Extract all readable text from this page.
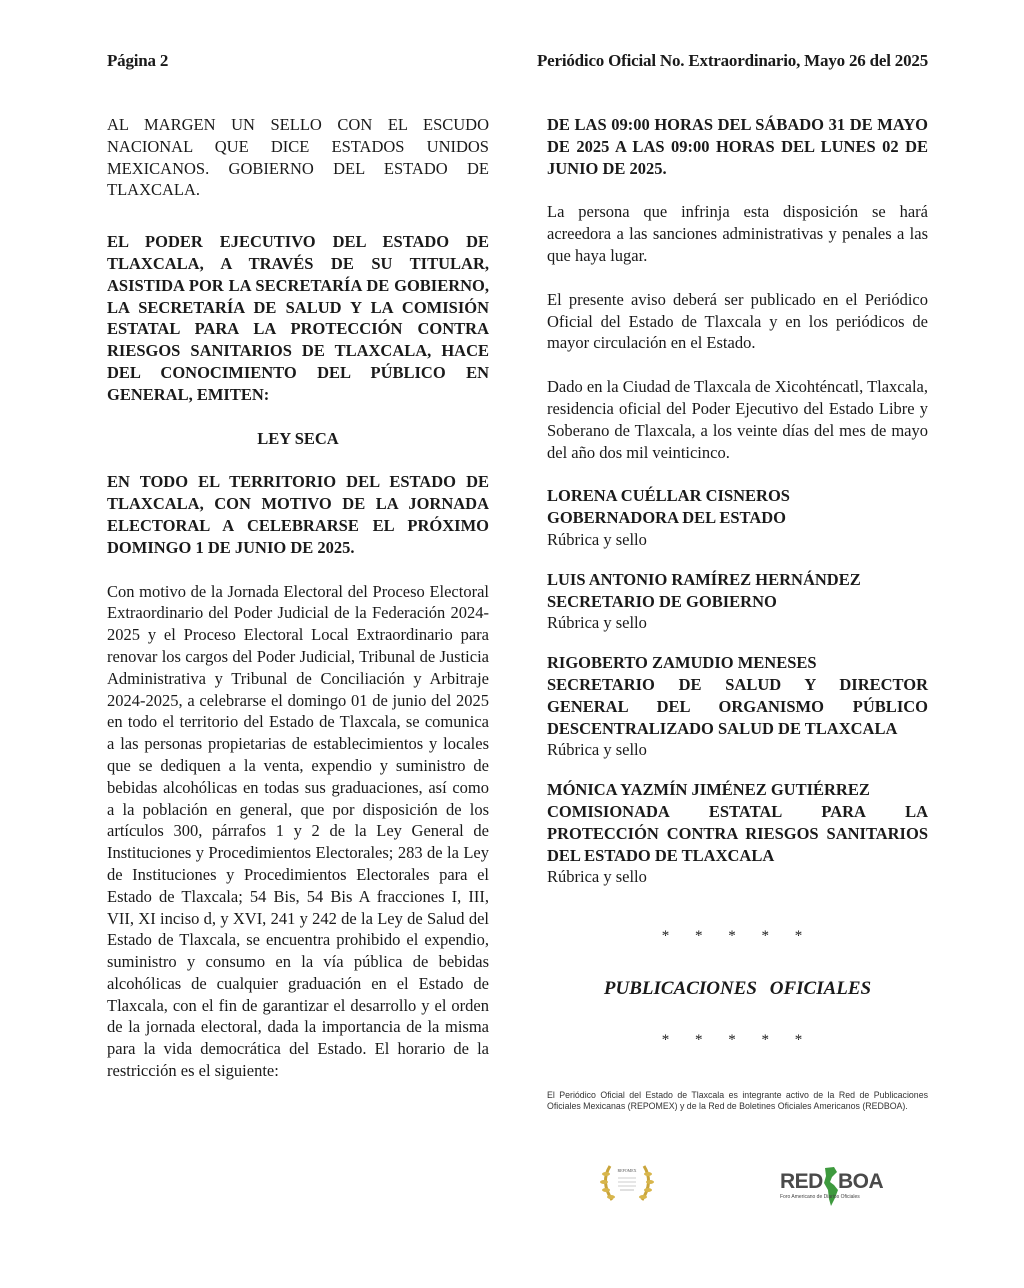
Página 2	Periódico Oficial No. Extraordinario, Mayo 26 del 2025

AL MARGEN UN SELLO CON EL ESCUDO NACIONAL QUE DICE ESTADOS UNIDOS MEXICANOS. GOBIERNO DEL ESTADO DE TLAXCALA.

EL PODER EJECUTIVO DEL ESTADO DE TLAXCALA, A TRAVÉS DE SU TITULAR, ASISTIDA POR LA SECRETARÍA DE GOBIERNO, LA SECRETARÍA DE SALUD Y LA COMISIÓN ESTATAL PARA LA PROTECCIÓN CONTRA RIESGOS SANITARIOS DE TLAXCALA, HACE DEL CONOCIMIENTO DEL PÚBLICO EN GENERAL, EMITEN:

LEY SECA

EN TODO EL TERRITORIO DEL ESTADO DE TLAXCALA, CON MOTIVO DE LA JORNADA ELECTORAL A CELEBRARSE EL PRÓXIMO DOMINGO 1 DE JUNIO DE 2025.

Con motivo de la Jornada Electoral del Proceso Electoral Extraordinario del Poder Judicial de la Federación 2024-2025 y el Proceso Electoral Local Extraordinario para renovar los cargos del Poder Judicial, Tribunal de Justicia Administrativa y Tribunal de Conciliación y Arbitraje 2024-2025, a celebrarse el domingo 01 de junio del 2025 en todo el territorio del Estado de Tlaxcala, se comunica a las personas propietarias de establecimientos y locales que se dediquen a la venta, expendio y suministro de bebidas alcohólicas en todas sus graduaciones, así como a la población en general, que por disposición de los artículos 300, párrafos 1 y 2 de la Ley General de Instituciones y Procedimientos Electorales; 283 de la Ley de Instituciones y Procedimientos Electorales para el Estado de Tlaxcala; 54 Bis, 54 Bis A fracciones I, III, VII, XI inciso d, y XVI, 241 y 242 de la Ley de Salud del Estado de Tlaxcala, se encuentra prohibido el expendio, suministro y consumo en la vía pública de bebidas alcohólicas de cualquier graduación en el Estado de Tlaxcala, con el fin de garantizar el desarrollo y el orden de la jornada electoral, dada la importancia de la misma para la vida democrática del Estado. El horario de la restricción es el siguiente:

DE LAS 09:00 HORAS DEL SÁBADO 31 DE MAYO DE 2025 A LAS 09:00 HORAS DEL LUNES 02 DE JUNIO DE 2025.

La persona que infrinja esta disposición se hará acreedora a las sanciones administrativas y penales a las que haya lugar.

El presente aviso deberá ser publicado en el Periódico Oficial del Estado de Tlaxcala y en los periódicos de mayor circulación en el Estado.

Dado en la Ciudad de Tlaxcala de Xicohténcatl, Tlaxcala, residencia oficial del Poder Ejecutivo del Estado Libre y Soberano de Tlaxcala, a los veinte días del mes de mayo del año dos mil veinticinco.

LORENA CUÉLLAR CISNEROS
GOBERNADORA DEL ESTADO
Rúbrica y sello
LUIS ANTONIO RAMÍREZ HERNÁNDEZ
SECRETARIO DE GOBIERNO
Rúbrica y sello
RIGOBERTO ZAMUDIO MENESES
SECRETARIO DE SALUD Y DIRECTOR GENERAL DEL ORGANISMO PÚBLICO DESCENTRALIZADO SALUD DE TLAXCALA
Rúbrica y sello
MÓNICA YAZMÍN JIMÉNEZ GUTIÉRREZ
COMISIONADA ESTATAL PARA LA PROTECCIÓN CONTRA RIESGOS SANITARIOS DEL ESTADO DE TLAXCALA
Rúbrica y sello
* * * * *
PUBLICACIONES OFICIALES
* * * * *

El Periódico Oficial del Estado de Tlaxcala es integrante activo de la Red de Publicaciones Oficiales Mexicanas (REPOMEX) y de la Red de Boletines Oficiales Americanos (REDBOA).

REPOMEX	RED BOA
Foro Americano de Diarios Oficiales
